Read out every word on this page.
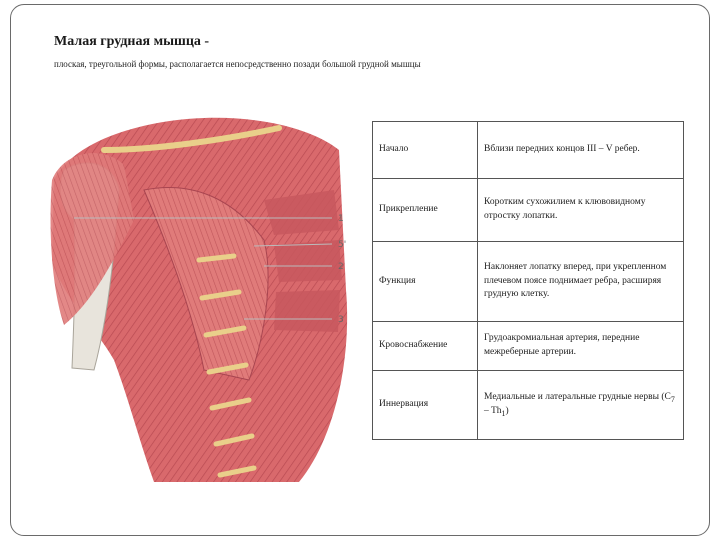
Малая грудная мышца -
плоская, треугольной формы, располагается непосредственно позади большой грудной мышцы
1
5'
2
3
Начало	Вблизи передних концов III – V ребер.
Прикрепление	Коротким сухожилием к клювовидному отростку лопатки.
Функция	Наклоняет лопатку вперед, при укрепленном плечевом поясе поднимает ребра, расширяя грудную клетку.
Кровоснабжение	Грудоакромиальная артерия, передние межреберные артерии.
Иннервация	Медиальные и латеральные грудные нервы $(C_7 - Th_1)$
